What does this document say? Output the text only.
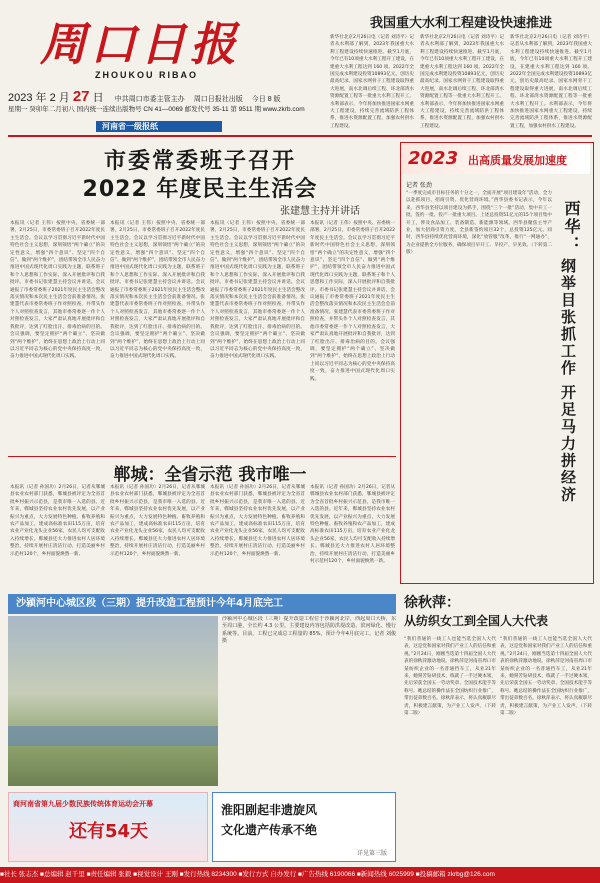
周口日报
ZHOUKOU RIBAO
2023 年 2 月 27 日 中共周口市委主管主办 周口日报社出版 今日 8 版
星期一 癸卯年二月初八 国内统一连续出版物号 CN 41—0069 邮发代号 35-11 第 9511 期 www.zkrb.com
河南省一级报纸
我国重大水利工程建设快速推进
新华社北京2月26日电（记者 刘诗平）记者从水利部了解到，2023年我国重大水利工程建设持续快速推进。截至1月底，今年已有10项重大水利工程开工建设，在建重大水利工程达到 160 项。2022年全国完成水利建设投资10893亿元，创历史最高纪录。国家水网骨干工程建设取得重大进展，南水北调后续工程、环北部湾水资源配置工程等一批重大水利工程开工。水利部表示，今年将加快推进国家水网重大工程建设，持续完善流域防洪工程体系，推进水资源配置工程，加强农村供水工程建设。
新华社北京2月26日电（记者 刘诗平）记者从水利部了解到，2023年我国重大水利工程建设持续快速推进。截至1月底，今年已有10项重大水利工程开工建设，在建重大水利工程达到 160 项。2022年全国完成水利建设投资10893亿元，创历史最高纪录。国家水网骨干工程建设取得重大进展，南水北调后续工程、环北部湾水资源配置工程等一批重大水利工程开工。水利部表示，今年将加快推进国家水网重大工程建设，持续完善流域防洪工程体系，推进水资源配置工程，加强农村供水工程建设。
新华社北京2月26日电（记者 刘诗平）记者从水利部了解到，2023年我国重大水利工程建设持续快速推进。截至1月底，今年已有10项重大水利工程开工建设，在建重大水利工程达到 160 项。2022年全国完成水利建设投资10893亿元，创历史最高纪录。国家水网骨干工程建设取得重大进展，南水北调后续工程、环北部湾水资源配置工程等一批重大水利工程开工。水利部表示，今年将加快推进国家水网重大工程建设，持续完善流域防洪工程体系，推进水资源配置工程，加强农村供水工程建设。
市委常委班子召开
2022 年度民主生活会
张建慧主持并讲话
本报讯（记者 王伟）按照中央、省委统一部署，2月25日，市委常委班子召开2022年度民主生活会。会议以学习贯彻习近平新时代中国特色社会主义思想，深刻领悟“两个确立”的决定性意义，增强“四个意识”、坚定“四个自信”、做到“两个维护”，团结带领全市人民奋力推进中国式现代化周口实践为主题，联系班子和个人思想和工作实际，深入开展批评和自我批评。市委书记张建慧主持会议并讲话。会议通报了市委常委班子2021年度民主生活会整改落实情况和本次民主生活会会前准备情况。张建慧代表市委常委班子作对照检查，并带头作个人对照检查发言，其他市委常委逐一作个人对照检查发言，大家严肃认真地开展批评和自我批评，达到了红脸出汗、排毒治病的目的。会议强调，要坚定拥护“两个确立”、坚决做到“两个维护”，始终在思想上政治上行动上同以习近平同志为核心的党中央保持高度一致，奋力推进中国式现代化周口实践。
本报讯（记者 王伟）按照中央、省委统一部署，2月25日，市委常委班子召开2022年度民主生活会。会议以学习贯彻习近平新时代中国特色社会主义思想，深刻领悟“两个确立”的决定性意义，增强“四个意识”、坚定“四个自信”、做到“两个维护”，团结带领全市人民奋力推进中国式现代化周口实践为主题，联系班子和个人思想和工作实际，深入开展批评和自我批评。市委书记张建慧主持会议并讲话。会议通报了市委常委班子2021年度民主生活会整改落实情况和本次民主生活会会前准备情况。张建慧代表市委常委班子作对照检查，并带头作个人对照检查发言，其他市委常委逐一作个人对照检查发言，大家严肃认真地开展批评和自我批评，达到了红脸出汗、排毒治病的目的。会议强调，要坚定拥护“两个确立”、坚决做到“两个维护”，始终在思想上政治上行动上同以习近平同志为核心的党中央保持高度一致，奋力推进中国式现代化周口实践。
本报讯（记者 王伟）按照中央、省委统一部署，2月25日，市委常委班子召开2022年度民主生活会。会议以学习贯彻习近平新时代中国特色社会主义思想，深刻领悟“两个确立”的决定性意义，增强“四个意识”、坚定“四个自信”、做到“两个维护”，团结带领全市人民奋力推进中国式现代化周口实践为主题，联系班子和个人思想和工作实际，深入开展批评和自我批评。市委书记张建慧主持会议并讲话。会议通报了市委常委班子2021年度民主生活会整改落实情况和本次民主生活会会前准备情况。张建慧代表市委常委班子作对照检查，并带头作个人对照检查发言，其他市委常委逐一作个人对照检查发言，大家严肃认真地开展批评和自我批评，达到了红脸出汗、排毒治病的目的。会议强调，要坚定拥护“两个确立”、坚决做到“两个维护”，始终在思想上政治上行动上同以习近平同志为核心的党中央保持高度一致，奋力推进中国式现代化周口实践。
本报讯（记者 王伟）按照中央、省委统一部署，2月25日，市委常委班子召开2022年度民主生活会。会议以学习贯彻习近平新时代中国特色社会主义思想，深刻领悟“两个确立”的决定性意义，增强“四个意识”、坚定“四个自信”、做到“两个维护”，团结带领全市人民奋力推进中国式现代化周口实践为主题，联系班子和个人思想和工作实际，深入开展批评和自我批评。市委书记张建慧主持会议并讲话。会议通报了市委常委班子2021年度民主生活会整改落实情况和本次民主生活会会前准备情况。张建慧代表市委常委班子作对照检查，并带头作个人对照检查发言，其他市委常委逐一作个人对照检查发言，大家严肃认真地开展批评和自我批评，达到了红脸出汗、排毒治病的目的。会议强调，要坚定拥护“两个确立”、坚决做到“两个维护”，始终在思想上政治上行动上同以习近平同志为核心的党中央保持高度一致，奋力推进中国式现代化周口实践。
2023 出高质量发展加速度
记者 张劲
“一季度完成市目标任务的十分之一，全面开展“项目建设年”活动，全力以赴抓项目、招商引资、优化营商环境。”西华县委书记表示，今年以来，西华县坚持以项目建设为抓手，围绕“三个一批”活动，集中开工一批、签约一批、投产一批重大项目。上述总投资51亿元的15个项目集中开工，涉及食品加工、装备制造、新能源等领域。西华县聚焦主导产业，加大招商引资力度，全县新签约项目32个，总投资125亿元。同时，西华县持续优化营商环境，深化“放管服”改革，推行“一网通办”，为企业提供全方位服务，确保项目早开工、早投产、早见效。（下转第二版）	西华：
纲举目张抓工作 开足马力拼经济
郸城：全省示范 我市唯一
本报讯（记者 孙国功）2月26日，记者从郸城县农业农村部门获悉，郸城县被评定为全省首批乡村振兴示范县，是我市唯一入选的县。近年来，郸城县坚持农业农村优先发展，以产业振兴为重点，大力发展特色种植、畜牧养殖和农产品加工，建成高标准农田115万亩，培育农业产业化龙头企业56家，农民人均可支配收入持续增长。郸城县还大力推进农村人居环境整治，持续开展村庄清洁行动，打造美丽乡村示范村120个，乡村面貌焕然一新。
本报讯（记者 孙国功）2月26日，记者从郸城县农业农村部门获悉，郸城县被评定为全省首批乡村振兴示范县，是我市唯一入选的县。近年来，郸城县坚持农业农村优先发展，以产业振兴为重点，大力发展特色种植、畜牧养殖和农产品加工，建成高标准农田115万亩，培育农业产业化龙头企业56家，农民人均可支配收入持续增长。郸城县还大力推进农村人居环境整治，持续开展村庄清洁行动，打造美丽乡村示范村120个，乡村面貌焕然一新。
本报讯（记者 孙国功）2月26日，记者从郸城县农业农村部门获悉，郸城县被评定为全省首批乡村振兴示范县，是我市唯一入选的县。近年来，郸城县坚持农业农村优先发展，以产业振兴为重点，大力发展特色种植、畜牧养殖和农产品加工，建成高标准农田115万亩，培育农业产业化龙头企业56家，农民人均可支配收入持续增长。郸城县还大力推进农村人居环境整治，持续开展村庄清洁行动，打造美丽乡村示范村120个，乡村面貌焕然一新。
本报讯（记者 孙国功）2月26日，记者从郸城县农业农村部门获悉，郸城县被评定为全省首批乡村振兴示范县，是我市唯一入选的县。近年来，郸城县坚持农业农村优先发展，以产业振兴为重点，大力发展特色种植、畜牧养殖和农产品加工，建成高标准农田115万亩，培育农业产业化龙头企业56家，农民人均可支配收入持续增长。郸城县还大力推进农村人居环境整治，持续开展村庄清洁行动，打造美丽乡村示范村120个，乡村面貌焕然一新。
沙颍河中心城区段（三期）提升改造工程预计今年4月底完工
沙颍河中心城区段（三期）提升改造工程位于沙颍河北岸，西起周口大桥，东至周口港，全长约 4.3 公里，主要建设内容包括防洪堤改造、滨河绿化、慢行系统等。目前，工程已完成总工程量的 85%，预计今年4月底完工。记者 刘俊 摄
徐秋萍：
从纺织女工到全国人大代表
“我们普通的一线工人也能当选全国人大代表，这是党和国家对我们产业工人的信任和重视。”2月24日，刚刚当选第十四届全国人大代表的徐秋萍激动地说。徐秋萍是河南省周口市某纺织企业的一名普通挡车工，从业21年来，她刻苦钻研技术，练就了一手过硬本领，先后荣获全国五一劳动奖章、全国技术能手等称号。她总结的操作法在全国纺织行业推广，带出徒弟数百名。徐秋萍表示，将认真履职尽责，积极建言献策，为产业工人发声。（下转第二版）
“我们普通的一线工人也能当选全国人大代表，这是党和国家对我们产业工人的信任和重视。”2月24日，刚刚当选第十四届全国人大代表的徐秋萍激动地说。徐秋萍是河南省周口市某纺织企业的一名普通挡车工，从业21年来，她刻苦钻研技术，练就了一手过硬本领，先后荣获全国五一劳动奖章、全国技术能手等称号。她总结的操作法在全国纺织行业推广，带出徒弟数百名。徐秋萍表示，将认真履职尽责，积极建言献策，为产业工人发声。（下转第二版）
商河南省第九届少数民族传统体育运动会开幕
还有54天
淮阳剧起非遗旋风
文化遗产传承不绝
详见第三版
■社长 张志杰 ■总编辑 赵千里 ■责任编辑 张毅 ■视觉设计 王刚 ■发行热线 8234300 ■发行方式 自办发行 ■广告热线 6190066 ■新闻热线 6025999 ■投稿邮箱 zkrbg@126.com
